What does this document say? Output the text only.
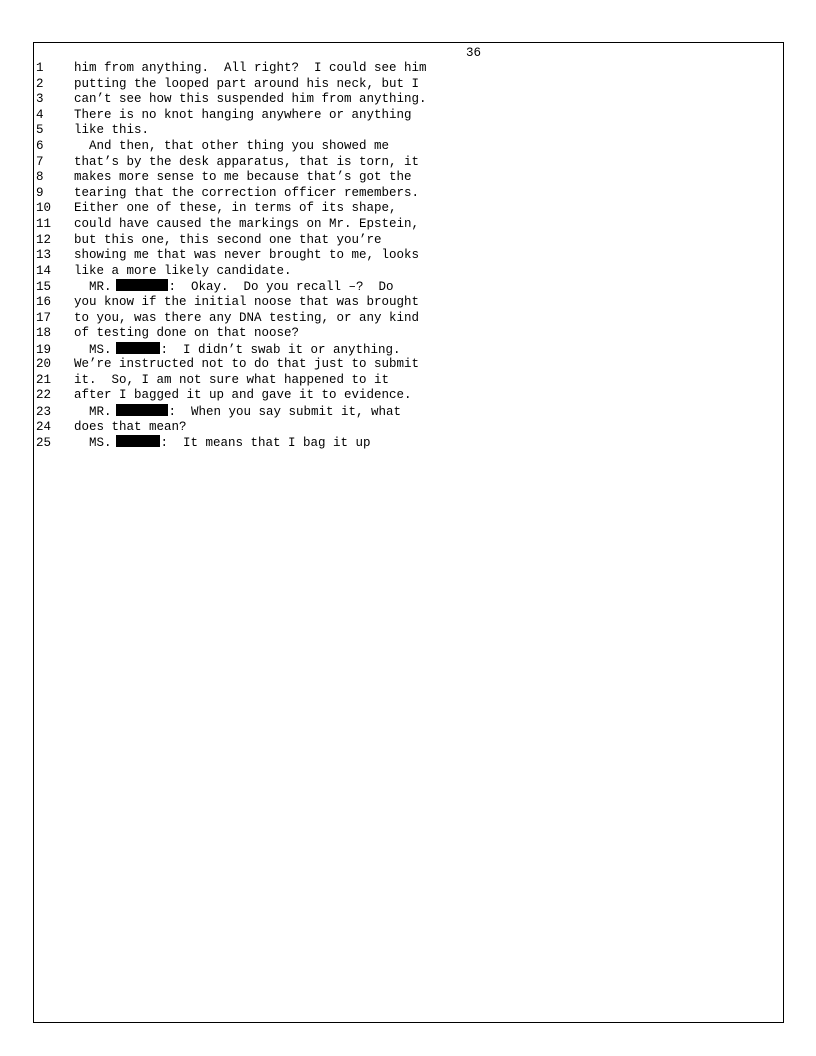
36
1 him from anything.  All right?  I could see him
2 putting the looped part around his neck, but I
3 can’t see how this suspended him from anything.
4 There is no knot hanging anywhere or anything
5 like this.
6	And then, that other thing you showed me
7 that’s by the desk apparatus, that is torn, it
8 makes more sense to me because that’s got the
9 tearing that the correction officer remembers.
10 Either one of these, in terms of its shape,
11 could have caused the markings on Mr. Epstein,
12 but this one, this second one that you’re
13 showing me that was never brought to me, looks
14 like a more likely candidate.
15	MR.	:  Okay.  Do you recall –?  Do
16 you know if the initial noose that was brought
17 to you, was there any DNA testing, or any kind
18 of testing done on that noose?
19	MS.	:  I didn’t swab it or anything.
20 We’re instructed not to do that just to submit
21 it.  So, I am not sure what happened to it
22 after I bagged it up and gave it to evidence.
23	MR.	:  When you say submit it, what
24 does that mean?
25	MS.	:  It means that I bag it up
